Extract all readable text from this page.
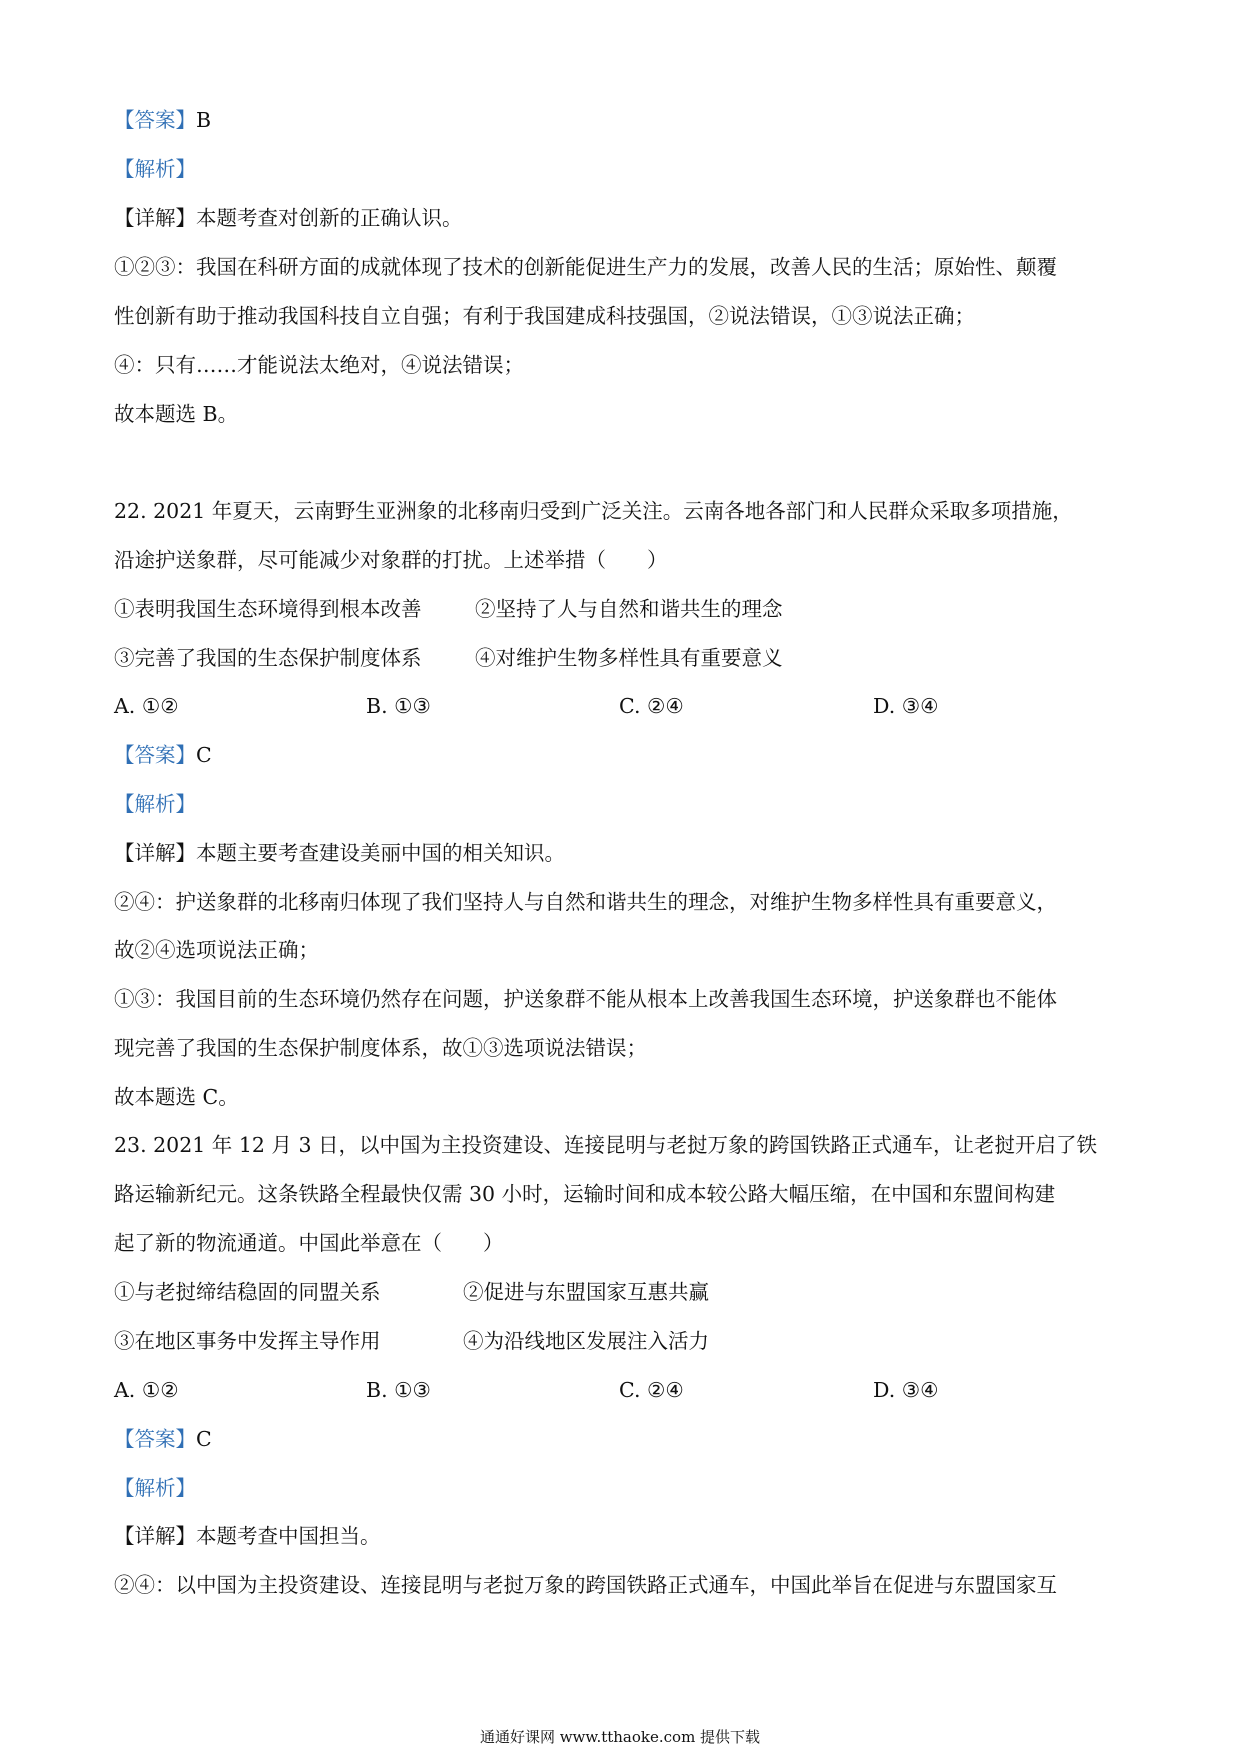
【答案】B
【解析】
【详解】本题考查对创新的正确认识。
①②③：我国在科研方面的成就体现了技术的创新能促进生产力的发展，改善人民的生活；原始性、颠覆
性创新有助于推动我国科技自立自强；有利于我国建成科技强国，②说法错误，①③说法正确；
④：只有……才能说法太绝对，④说法错误；
故本题选 B。
22. 2021 年夏天，云南野生亚洲象的北移南归受到广泛关注。云南各地各部门和人民群众采取多项措施，
沿途护送象群，尽可能减少对象群的打扰。上述举措（　　）
①表明我国生态环境得到根本改善	②坚持了人与自然和谐共生的理念
③完善了我国的生态保护制度体系	④对维护生物多样性具有重要意义
A. ①②	B. ①③	C. ②④	D. ③④
【答案】C
【解析】
【详解】本题主要考查建设美丽中国的相关知识。
②④：护送象群的北移南归体现了我们坚持人与自然和谐共生的理念，对维护生物多样性具有重要意义，
故②④选项说法正确；
①③：我国目前的生态环境仍然存在问题，护送象群不能从根本上改善我国生态环境，护送象群也不能体
现完善了我国的生态保护制度体系，故①③选项说法错误；
故本题选 C。
23. 2021 年 12 月 3 日，以中国为主投资建设、连接昆明与老挝万象的跨国铁路正式通车，让老挝开启了铁
路运输新纪元。这条铁路全程最快仅需 30 小时，运输时间和成本较公路大幅压缩，在中国和东盟间构建
起了新的物流通道。中国此举意在（　　）
①与老挝缔结稳固的同盟关系	②促进与东盟国家互惠共赢
③在地区事务中发挥主导作用	④为沿线地区发展注入活力
A. ①②	B. ①③	C. ②④	D. ③④
【答案】C
【解析】
【详解】本题考查中国担当。
②④：以中国为主投资建设、连接昆明与老挝万象的跨国铁路正式通车，中国此举旨在促进与东盟国家互
通通好课网 www.tthaoke.com 提供下载
